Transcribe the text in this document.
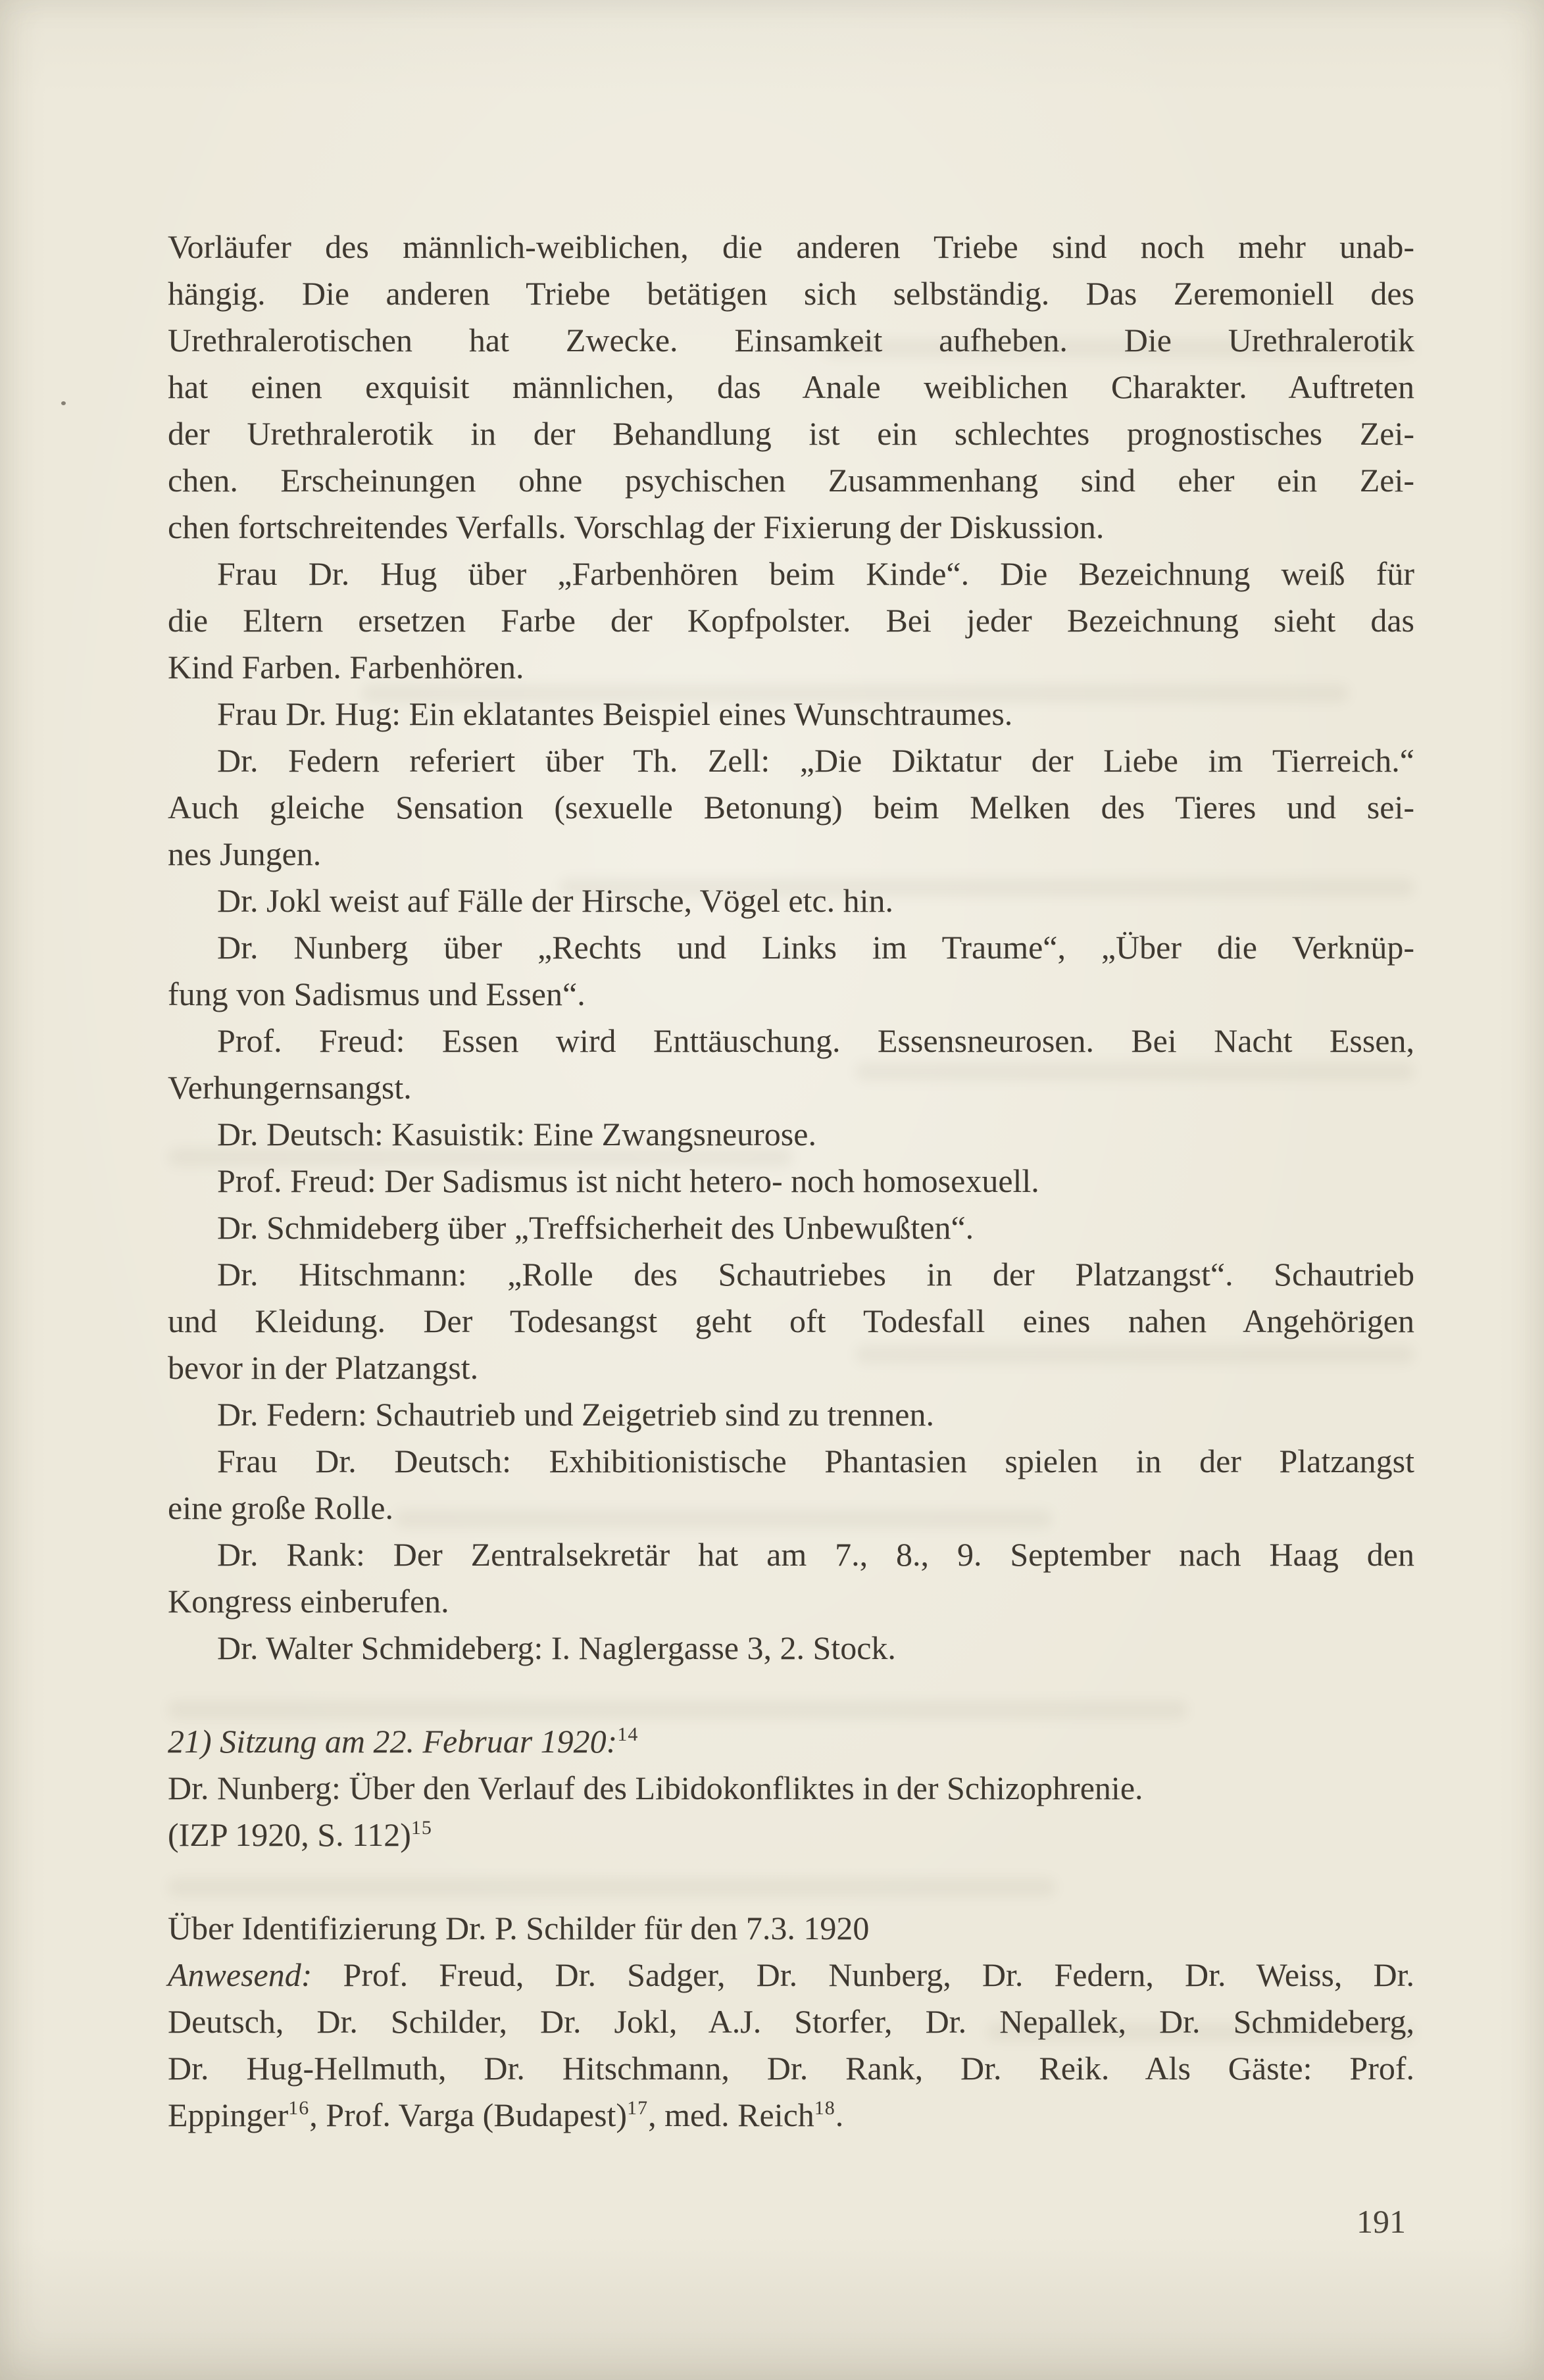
Vorläufer des männlich-weiblichen, die anderen Triebe sind noch mehr unab-
hängig. Die anderen Triebe betätigen sich selbständig. Das Zeremoniell des
Urethralerotischen hat Zwecke. Einsamkeit aufheben. Die Urethralerotik
hat einen exquisit männlichen, das Anale weiblichen Charakter. Auftreten
der Urethralerotik in der Behandlung ist ein schlechtes prognostisches Zei-
chen. Erscheinungen ohne psychischen Zusammenhang sind eher ein Zei-
chen fortschreitendes Verfalls. Vorschlag der Fixierung der Diskussion.
Frau Dr. Hug über „Farbenhören beim Kinde“. Die Bezeichnung weiß für
die Eltern ersetzen Farbe der Kopfpolster. Bei jeder Bezeichnung sieht das
Kind Farben. Farbenhören.
Frau Dr. Hug: Ein eklatantes Beispiel eines Wunschtraumes.
Dr. Federn referiert über Th. Zell: „Die Diktatur der Liebe im Tierreich.“
Auch gleiche Sensation (sexuelle Betonung) beim Melken des Tieres und sei-
nes Jungen.
Dr. Jokl weist auf Fälle der Hirsche, Vögel etc. hin.
Dr. Nunberg über „Rechts und Links im Traume“, „Über die Verknüp-
fung von Sadismus und Essen“.
Prof. Freud: Essen wird Enttäuschung. Essensneurosen. Bei Nacht Essen,
Verhungernsangst.
Dr. Deutsch: Kasuistik: Eine Zwangsneurose.
Prof. Freud: Der Sadismus ist nicht hetero- noch homosexuell.
Dr. Schmideberg über „Treffsicherheit des Unbewußten“.
Dr. Hitschmann: „Rolle des Schautriebes in der Platzangst“. Schautrieb
und Kleidung. Der Todesangst geht oft Todesfall eines nahen Angehörigen
bevor in der Platzangst.
Dr. Federn: Schautrieb und Zeigetrieb sind zu trennen.
Frau Dr. Deutsch: Exhibitionistische Phantasien spielen in der Platzangst
eine große Rolle.
Dr. Rank: Der Zentralsekretär hat am 7., 8., 9. September nach Haag den
Kongress einberufen.
Dr. Walter Schmideberg: I. Naglergasse 3, 2. Stock.
21) Sitzung am 22. Februar 1920:$^{14}$
Dr. Nunberg: Über den Verlauf des Libidokonfliktes in der Schizophrenie.
(IZP 1920, S. 112)$^{15}$
Über Identifizierung Dr. P. Schilder für den 7.3. 1920
Anwesend: Prof. Freud, Dr. Sadger, Dr. Nunberg, Dr. Federn, Dr. Weiss, Dr.
Deutsch, Dr. Schilder, Dr. Jokl, A.J. Storfer, Dr. Nepallek, Dr. Schmideberg,
Dr. Hug-Hellmuth, Dr. Hitschmann, Dr. Rank, Dr. Reik. Als Gäste: Prof.
Eppinger$^{16}$, Prof. Varga (Budapest)$^{17}$, med. Reich$^{18}$.
191
